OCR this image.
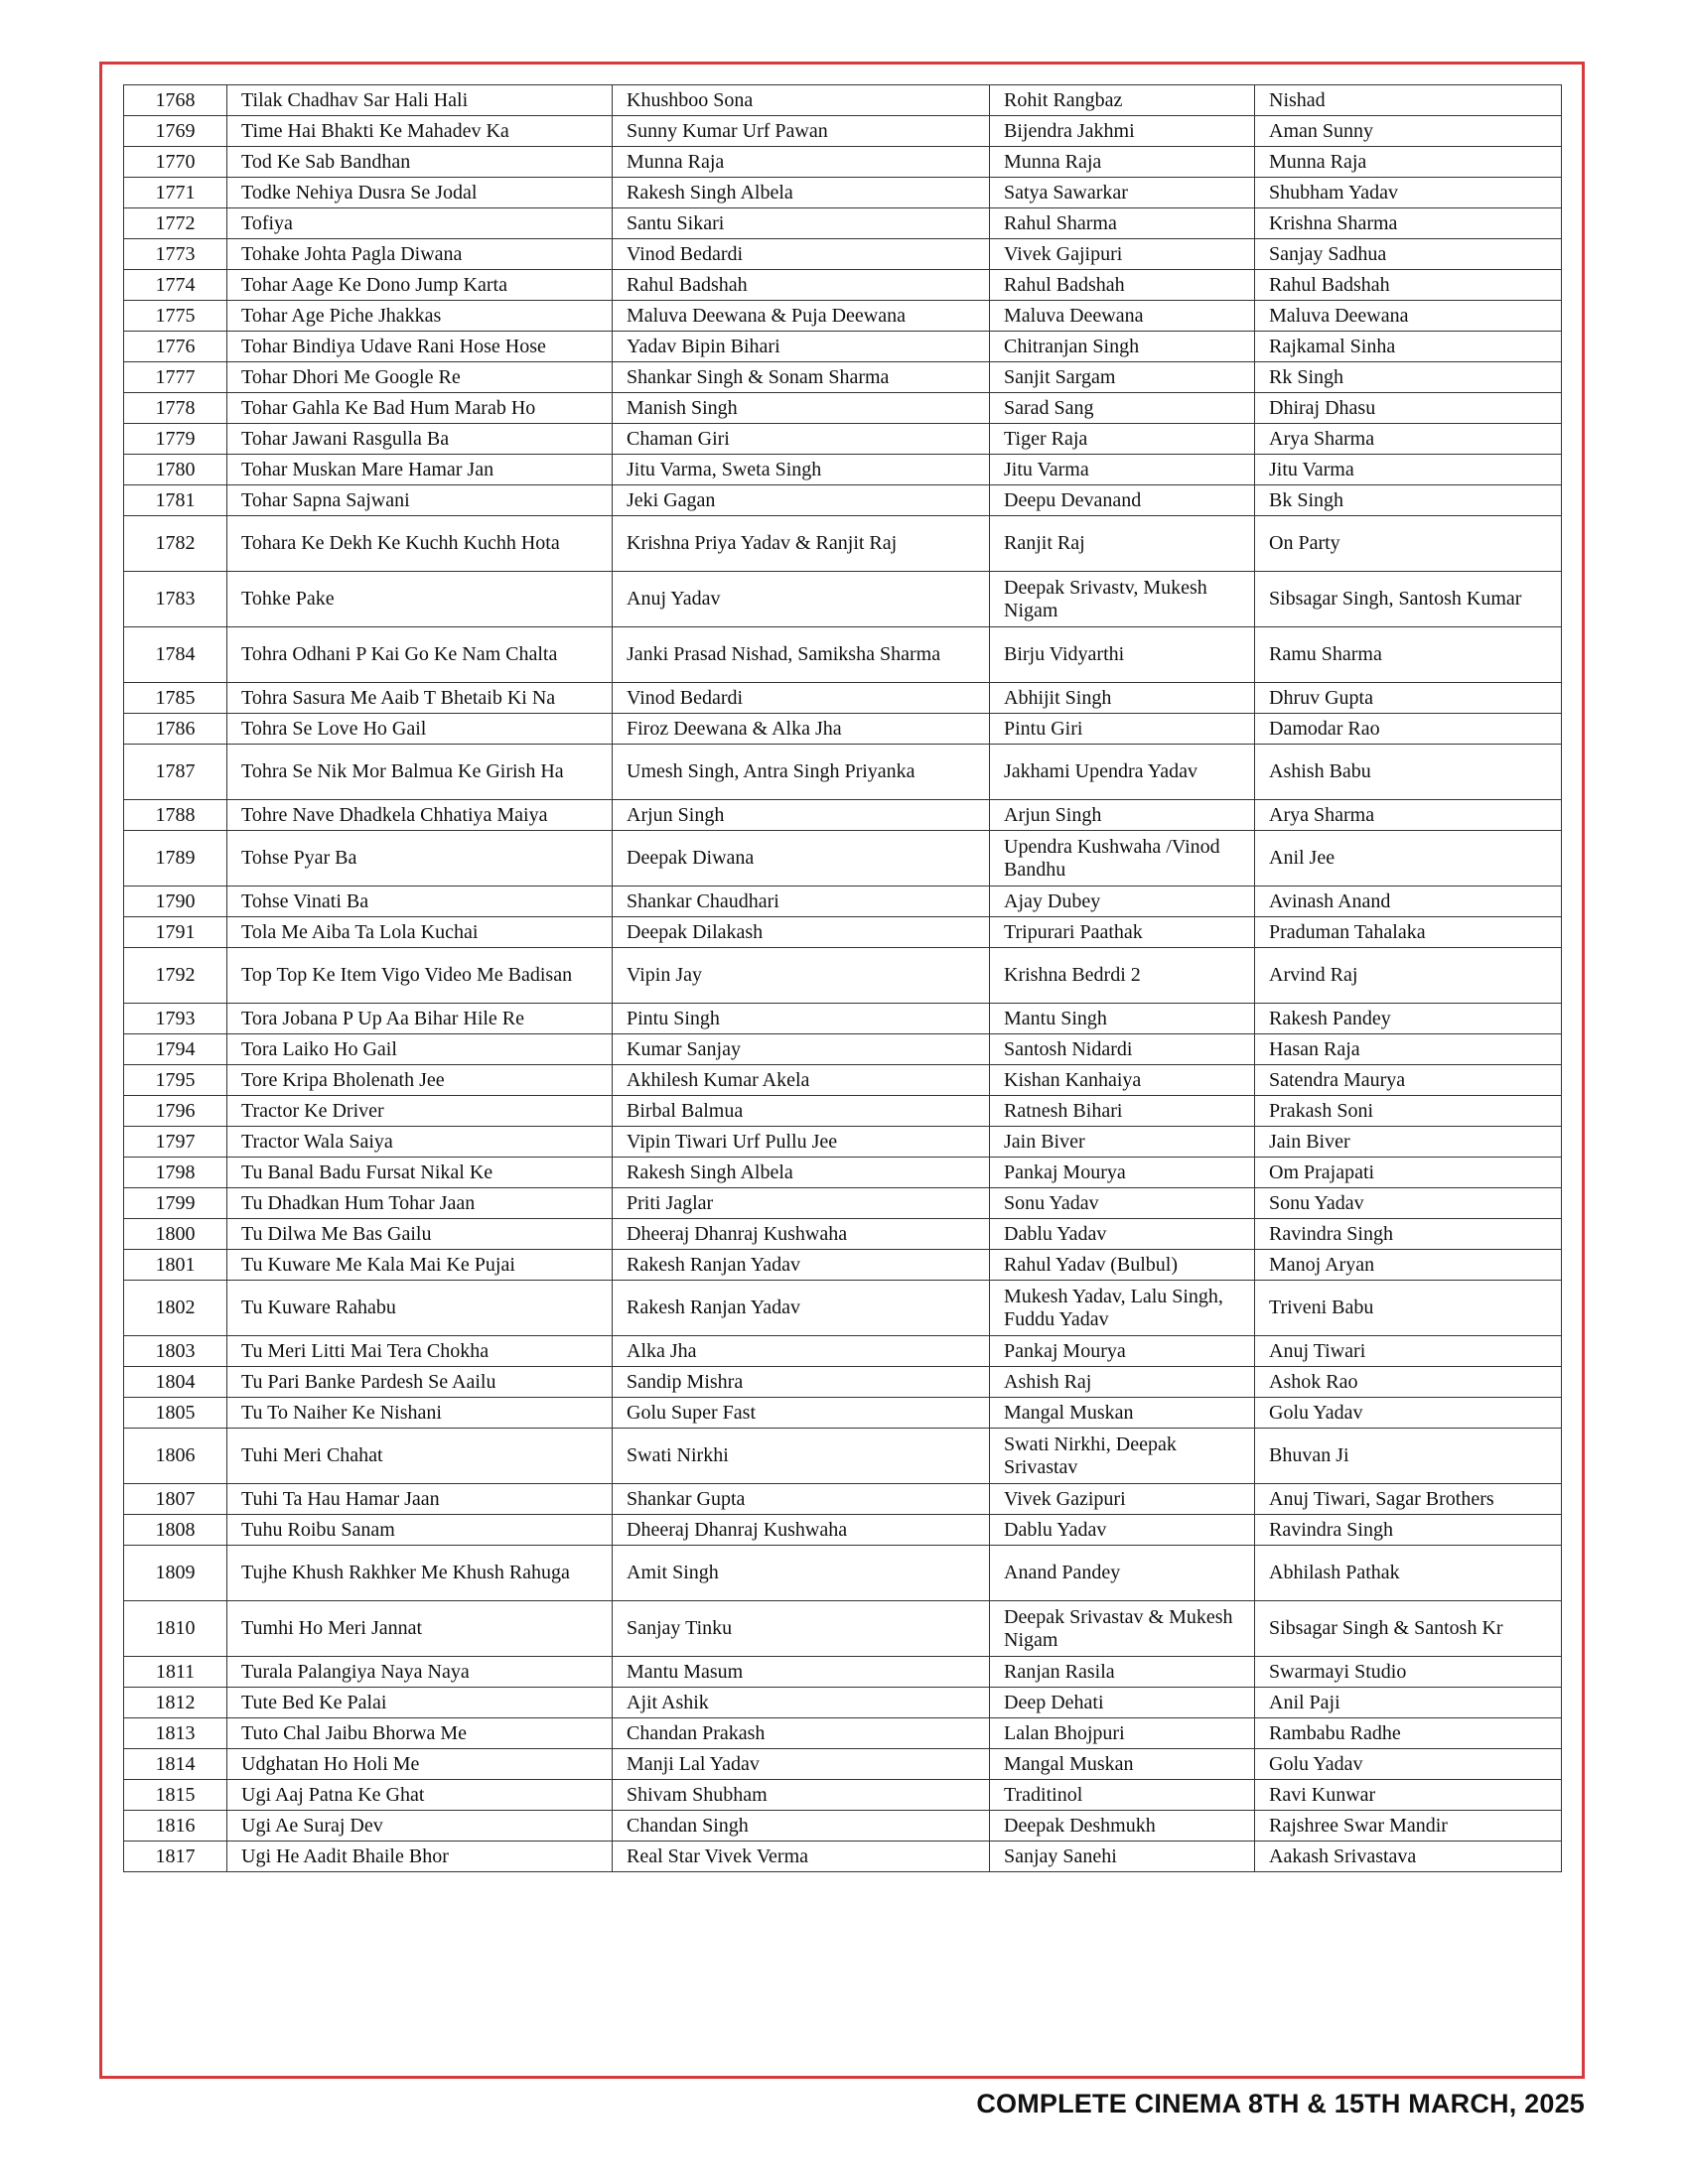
1768	Tilak Chadhav Sar Hali Hali	Khushboo Sona	Rohit Rangbaz	Nishad
1769	Time Hai Bhakti Ke Mahadev Ka	Sunny Kumar Urf Pawan	Bijendra Jakhmi	Aman Sunny
1770	Tod Ke Sab Bandhan	Munna Raja	Munna Raja	Munna Raja
1771	Todke Nehiya Dusra Se Jodal	Rakesh Singh Albela	Satya Sawarkar	Shubham Yadav
1772	Tofiya	Santu Sikari	Rahul Sharma	Krishna Sharma
1773	Tohake Johta Pagla Diwana	Vinod Bedardi	Vivek Gajipuri	Sanjay Sadhua
1774	Tohar Aage Ke Dono Jump Karta	Rahul Badshah	Rahul Badshah	Rahul Badshah
1775	Tohar Age Piche Jhakkas	Maluva Deewana & Puja Deewana	Maluva Deewana	Maluva Deewana
1776	Tohar Bindiya Udave Rani Hose Hose	Yadav Bipin Bihari	Chitranjan Singh	Rajkamal Sinha
1777	Tohar Dhori Me Google Re	Shankar Singh & Sonam Sharma	Sanjit Sargam	Rk Singh
1778	Tohar Gahla Ke Bad Hum Marab Ho	Manish Singh	Sarad Sang	Dhiraj Dhasu
1779	Tohar Jawani Rasgulla Ba	Chaman Giri	Tiger Raja	Arya Sharma
1780	Tohar Muskan Mare Hamar Jan	Jitu Varma, Sweta Singh	Jitu Varma	Jitu Varma
1781	Tohar Sapna Sajwani	Jeki Gagan	Deepu Devanand	Bk Singh
1782	Tohara Ke Dekh Ke Kuchh Kuchh Hota	Krishna Priya Yadav & Ranjit Raj	Ranjit Raj	On Party
1783	Tohke Pake	Anuj Yadav	Deepak Srivastv, Mukesh Nigam	Sibsagar Singh, Santosh Kumar
1784	Tohra Odhani P Kai Go Ke Nam Chalta	Janki Prasad Nishad, Samiksha Sharma	Birju Vidyarthi	Ramu Sharma
1785	Tohra Sasura Me Aaib T Bhetaib Ki Na	Vinod Bedardi	Abhijit Singh	Dhruv Gupta
1786	Tohra Se Love Ho Gail	Firoz Deewana & Alka Jha	Pintu Giri	Damodar Rao
1787	Tohra Se Nik Mor Balmua Ke Girish Ha	Umesh Singh, Antra Singh Priyanka	Jakhami Upendra Yadav	Ashish Babu
1788	Tohre Nave Dhadkela Chhatiya Maiya	Arjun Singh	Arjun Singh	Arya Sharma
1789	Tohse Pyar Ba	Deepak Diwana	Upendra Kushwaha /Vinod Bandhu	Anil Jee
1790	Tohse Vinati Ba	Shankar Chaudhari	Ajay Dubey	Avinash Anand
1791	Tola Me Aiba Ta Lola Kuchai	Deepak Dilakash	Tripurari Paathak	Praduman Tahalaka
1792	Top Top Ke Item Vigo Video Me Badisan	Vipin Jay	Krishna Bedrdi 2	Arvind Raj
1793	Tora Jobana P Up Aa Bihar Hile Re	Pintu Singh	Mantu Singh	Rakesh Pandey
1794	Tora Laiko Ho Gail	Kumar Sanjay	Santosh Nidardi	Hasan Raja
1795	Tore Kripa Bholenath Jee	Akhilesh Kumar Akela	Kishan Kanhaiya	Satendra Maurya
1796	Tractor Ke Driver	Birbal Balmua	Ratnesh Bihari	Prakash Soni
1797	Tractor Wala Saiya	Vipin Tiwari Urf Pullu Jee	Jain Biver	Jain Biver
1798	Tu Banal Badu Fursat Nikal Ke	Rakesh Singh Albela	Pankaj Mourya	Om Prajapati
1799	Tu Dhadkan Hum Tohar Jaan	Priti Jaglar	Sonu Yadav	Sonu Yadav
1800	Tu Dilwa Me Bas Gailu	Dheeraj Dhanraj Kushwaha	Dablu Yadav	Ravindra Singh
1801	Tu Kuware Me Kala Mai Ke Pujai	Rakesh Ranjan Yadav	Rahul Yadav (Bulbul)	Manoj Aryan
1802	Tu Kuware Rahabu	Rakesh Ranjan Yadav	Mukesh Yadav, Lalu Singh, Fuddu Yadav	Triveni Babu
1803	Tu Meri Litti Mai Tera Chokha	Alka Jha	Pankaj Mourya	Anuj Tiwari
1804	Tu Pari Banke Pardesh Se Aailu	Sandip Mishra	Ashish Raj	Ashok Rao
1805	Tu To Naiher Ke Nishani	Golu Super Fast	Mangal Muskan	Golu Yadav
1806	Tuhi Meri Chahat	Swati Nirkhi	Swati Nirkhi, Deepak Srivastav	Bhuvan Ji
1807	Tuhi Ta Hau Hamar Jaan	Shankar Gupta	Vivek Gazipuri	Anuj Tiwari, Sagar Brothers
1808	Tuhu Roibu Sanam	Dheeraj Dhanraj Kushwaha	Dablu Yadav	Ravindra Singh
1809	Tujhe Khush Rakhker Me Khush Rahuga	Amit Singh	Anand Pandey	Abhilash Pathak
1810	Tumhi Ho Meri Jannat	Sanjay Tinku	Deepak Srivastav & Mukesh Nigam	Sibsagar Singh & Santosh Kr
1811	Turala Palangiya Naya Naya	Mantu Masum	Ranjan Rasila	Swarmayi Studio
1812	Tute Bed Ke Palai	Ajit Ashik	Deep Dehati	Anil Paji
1813	Tuto Chal Jaibu Bhorwa Me	Chandan Prakash	Lalan Bhojpuri	Rambabu Radhe
1814	Udghatan Ho Holi Me	Manji Lal Yadav	Mangal Muskan	Golu Yadav
1815	Ugi Aaj Patna Ke Ghat	Shivam Shubham	Traditinol	Ravi Kunwar
1816	Ugi Ae Suraj Dev	Chandan Singh	Deepak Deshmukh	Rajshree Swar Mandir
1817	Ugi He Aadit Bhaile Bhor	Real Star Vivek Verma	Sanjay Sanehi	Aakash Srivastava
COMPLETE CINEMA 8TH & 15TH MARCH, 2025
